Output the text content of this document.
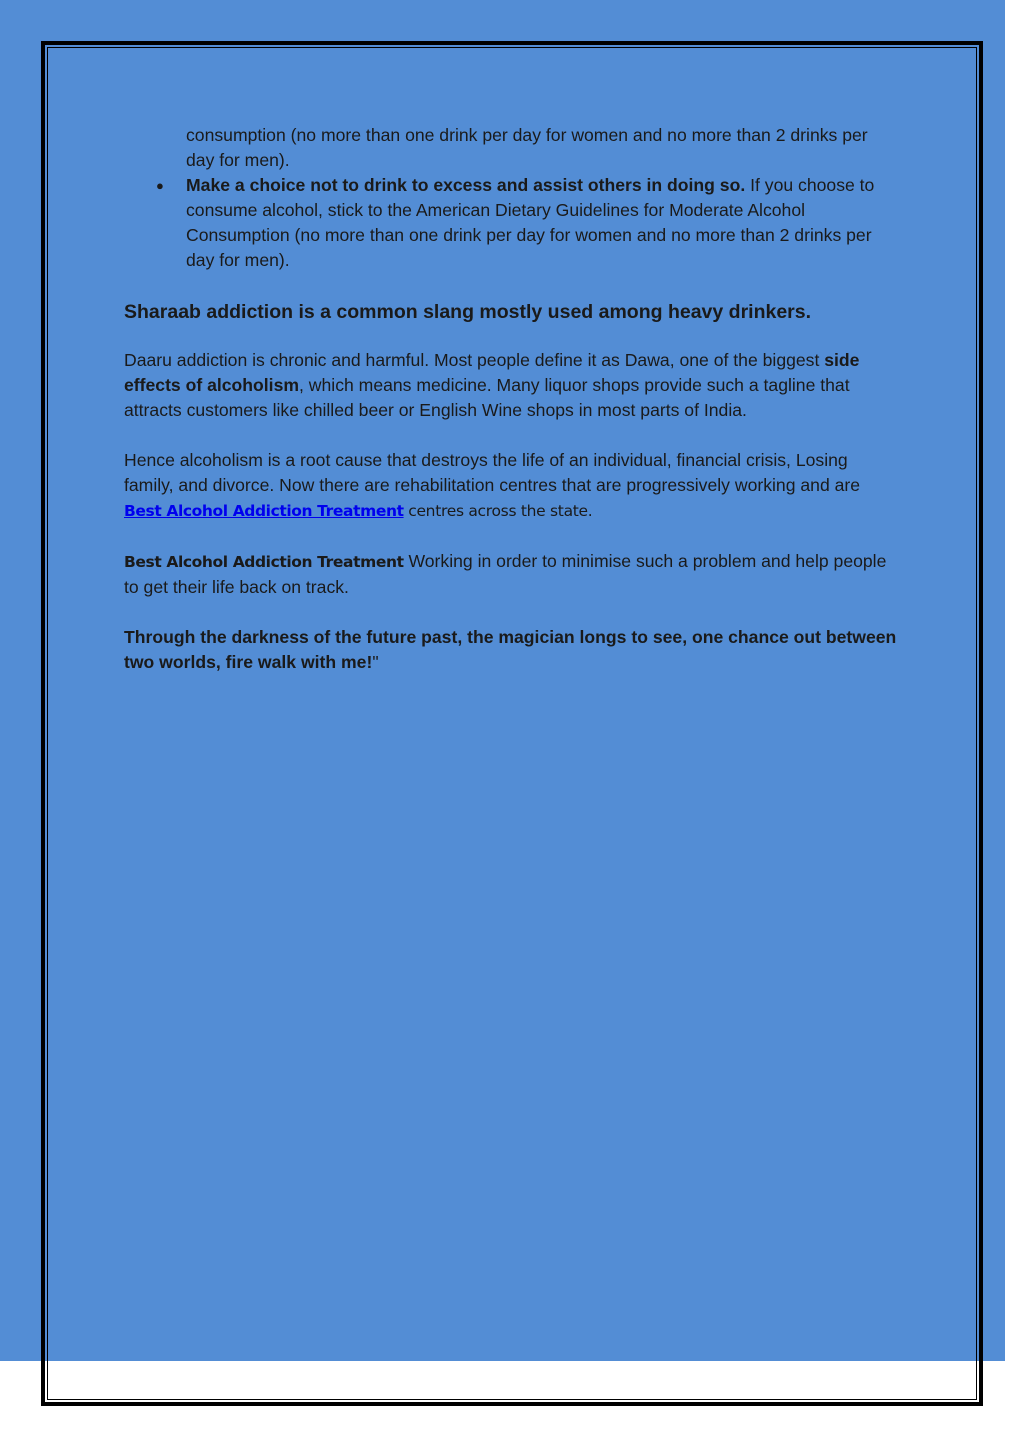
consumption (no more than one drink per day for women and no more than 2 drinks per day for men).
● Make a choice not to drink to excess and assist others in doing so. If you choose to consume alcohol, stick to the American Dietary Guidelines for Moderate Alcohol Consumption (no more than one drink per day for women and no more than 2 drinks per day for men).
Sharaab addiction is a common slang mostly used among heavy drinkers.

Daaru addiction is chronic and harmful. Most people define it as Dawa, one of the biggest side effects of alcoholism, which means medicine. Many liquor shops provide such a tagline that attracts customers like chilled beer or English Wine shops in most parts of India.

Hence alcoholism is a root cause that destroys the life of an individual, financial crisis, Losing family, and divorce. Now there are rehabilitation centres that are progressively working and are Best Alcohol Addiction Treatment centres across the state.

Best Alcohol Addiction Treatment Working in order to minimise such a problem and help people to get their life back on track.

Through the darkness of the future past, the magician longs to see, one chance out between two worlds, fire walk with me!"
